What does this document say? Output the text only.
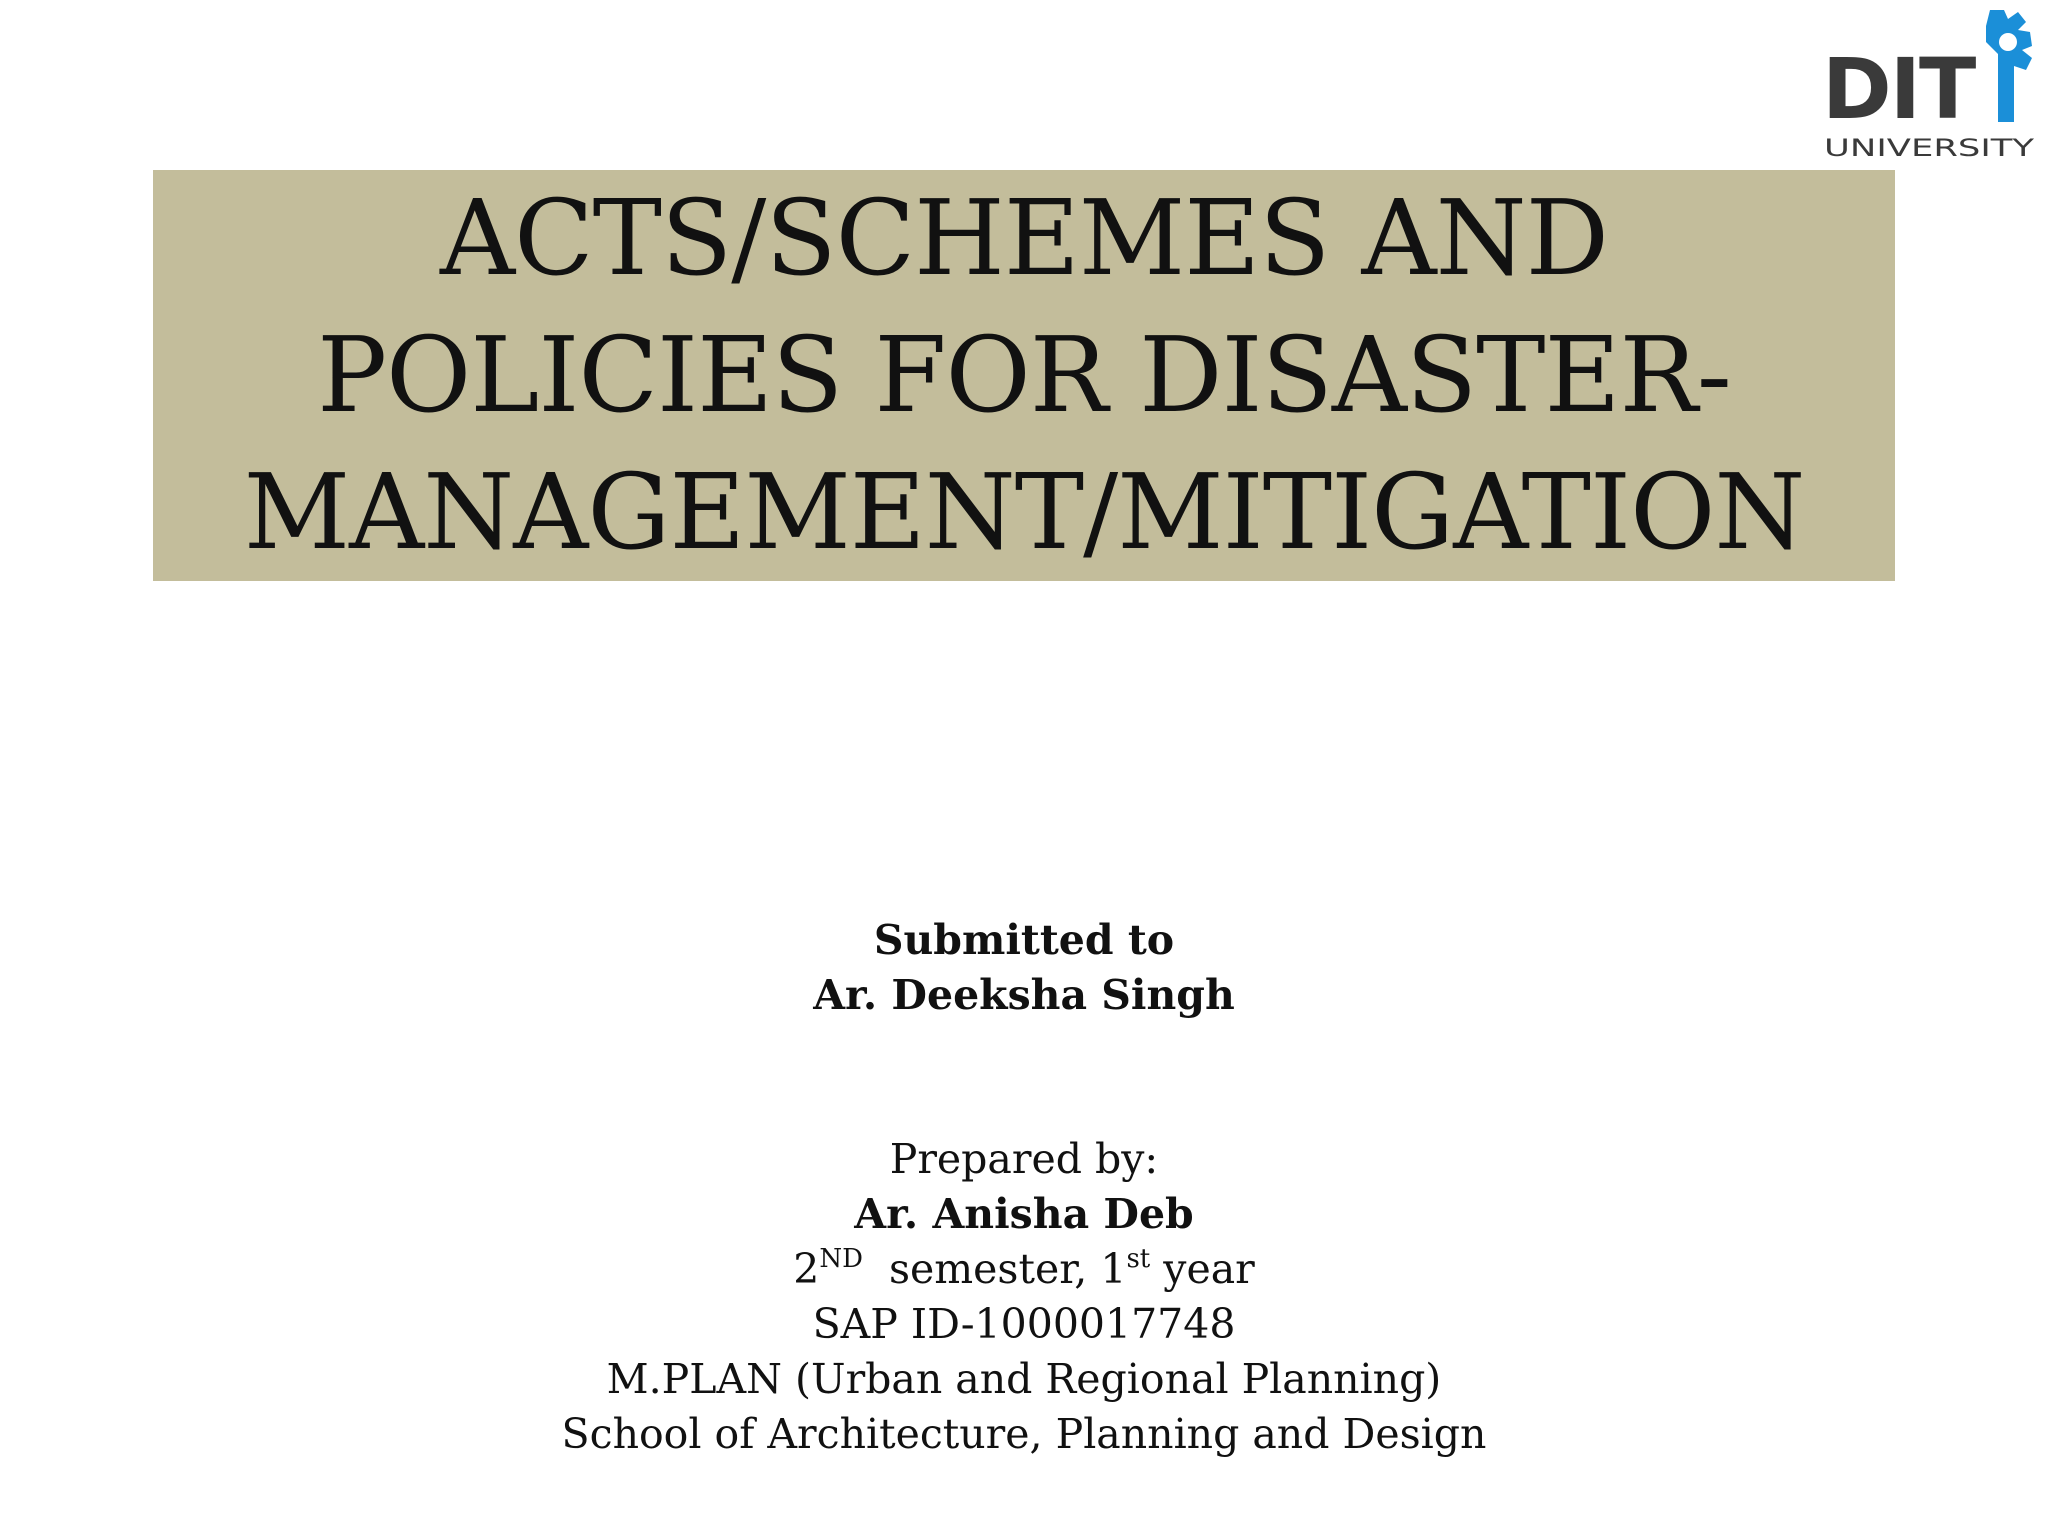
DIT
UNIVERSITY
ACTS/SCHEMES AND
POLICIES FOR DISASTER-
MANAGEMENT/MITIGATION
Submitted to
Ar. Deeksha Singh
Prepared by:
Ar. Anisha Deb
2ND  semester, 1st year
SAP ID-1000017748
M.PLAN (Urban and Regional Planning)
School of Architecture, Planning and Design
